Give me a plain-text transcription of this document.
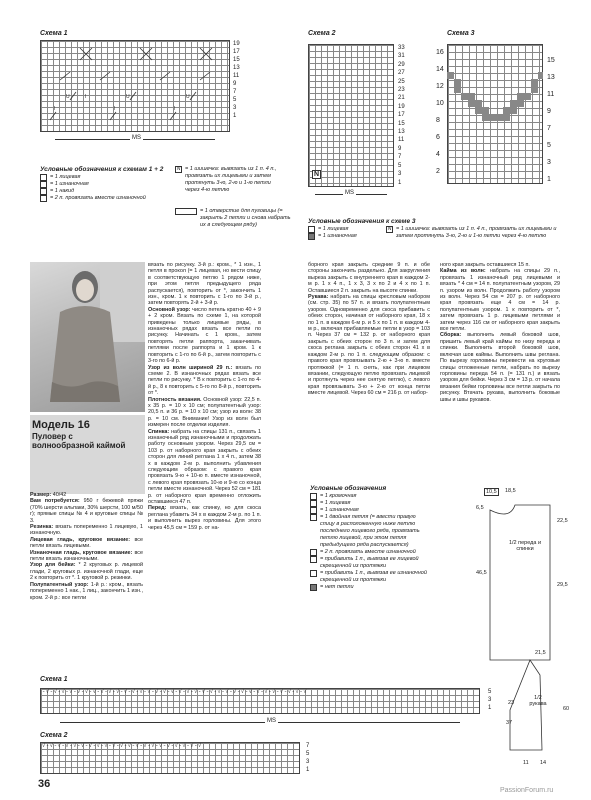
Схема 1
U	I	U	U
I	I	I
19
17
15
13
11
9
7
5
3
1
MS
Схема 2
33
31
29
27
25
23
21
19
17
15
13
11
9
7
5
3
1
N
MS
Схема 3
16
14
12
10
8
6
4
2
15
13
11
9
7
5
3
1
Условные обозначения к схемам 1 + 2
= 1 лицевая
= 1 изнаночная
= 1 накид
= 2 п. провязать вместе изнаночной
N = 1 шишечка: вывязать из 1 п. 4 п., провязать их лицевыми и затем протянуть 3-ю, 2-ю и 1-ю петли через 4-ю петлю
= 1 отверстие для пуговицы (= закрыть 2 петли и снова набрать их в следующем ряду)	Условные обозначения к схеме 3
= 1 лицевая
= 1 изнаночная
N = 1 шишечка: вывязать из 1 п. 4 п., провязать их лицевыми и затем протянуть 3-ю, 2-ю и 1-ю петли через 4-ю петлю
Модель 16
Пуловер с волнообразной каймой

Размер: 40/42

Вам потребуется: 950 г бежевой пряжи (70% шерсти альпаки, 30% шерсти, 100 м/50 г); прямые спицы № 4 и круговые спицы № 3.

Резинка: вязать попеременно 1 лицевую, 1 изнаночную.

Лицевая гладь, круговое вязание: все петли вязать лицевыми.

Изнаночная гладь, круговое вязание: все петли вязать изнаночными.

Узор для бейки: * 2 круговых р. лицевой глади, 2 круговых р. изнаночной глади, еще 2 к повторить от *. 1 круговой р. резинки.

Полупатентный узор: 1-й р.: кром., вязать попеременно 1 нак., 1 лиц., закончить 1 изн., кром. 2-й р.: все петли

вязать по рисунку. 3-й р.: кром., * 1 изн., 1 петля в прокол (= 1 лицевая, но вести спицу в соответствующую петлю 1 рядом ниже, при этом петля предыдущего ряда распускается), повторить от *, закончить 1 изн., кром. 1 к повторить с 1-го по 3-й р., затем повторять 2-й + 3-й р.

Основной узор: число петель кратно 40 + 9 + 2 кром. Вязать по схеме 1, на которой приведены только лицевые ряды, в изнаночных рядах вязать все петли по рисунку. Начинать с 1 кром., затем повторять петли раппорта, заканчивать петлями после раппорта и 1 кром. 1 к повторить с 1-го по 6-й р., затем повторить с 3-го по 6-й р.

Узор из волн шириной 29 п.: вязать по схеме 2. В изнаночных рядах вязать все петли по рисунку. * В к повторить с 1-го по 4-й р., 8 к повторить с 5-го по 8-й р., повторить от *.

Плотность вязания. Основной узор: 22,5 п. x 35 р. = 10 x 10 см; полупатентный узор: 20,5 п. и 36 р. = 10 x 10 см; узор из волн: 38 р. = 10 см. Внимание! Узор из волн был измерен после отделки изделия.

Спинка: набрать на спицы 131 п., связать 1 изнаночный ряд изнаночными и продолжать работу основным узором. Через 29,5 см = 103 р. от наборного края закрыть с обеих сторон для линий реглана 1 x 4 п., затем 38 x в каждом 2-м р. выполнить убавления следующим образом: с правого края провязать 9-ю + 10-ю п. вместе изнаночной, с левого края провязать 10-ю и 9-ю со конца петли вместе изнаночной. Через 52 см = 181 р. от наборного края временно отложить оставшиеся 47 п.

Перед: вязать, как спинку, но для скоса реглана убавить 34 x в каждом 2-м р. по 1 п. и выполнить вырез горловины. Для этого через 45,5 см = 159 р. от на-

борного края закрыть средние 9 п. и обе стороны закончить раздельно. Для закругления выреза закрыть с внутреннего края в каждом 2-м р. 1 x 4 п., 1 x 3, 3 x по 2 и 4 x по 1 п. Оставшиеся 2 п. закрыть на высоте спинки.

Рукава: набрать на спицы кресловым набором (см. стр. 35) по 57 п. и вязать полупатентным узором. Одновременно для скоса прибавить с обеих сторон, начиная от наборного края, 18 x по 1 п. в каждом 6-м р. и 5 x по 1 п. в каждом 4-м р., включая прибавляемые петли в узор = 103 п. Через 37 см = 132 р. от наборного края закрыть с обеих сторон по 3 п. и затем для скоса реглана закрыть с обеих сторон 41 x в каждом 2-м р. по 1 п. следующим образом: с правого края провязывать 2-ю + 3-ю п. вместе протяжкой (= 1 п. снять, как при лицевом вязании, следующую петлю провязать лицевой и протянуть через нее снятую петлю), с левого края провязывать 3-ю + 2-ю от конца петли вместе лицевой. Через 60 см = 216 р. от набор-

ного края закрыть оставшиеся 15 п.

Кайма из волн: набрать на спицы 29 п., провязать 1 изнаночный ряд лицевыми и вязать * 4 см = 14 п. полупатентным узором, 29 п. узором из волн. Продолжить работу узором из волн. Через 54 см = 207 р. от наборного края провязать еще 4 см = 14 р. полупатентным узором. 1 к повторить от *, затем провязать 1 р. лицевыми петлями и затем через 116 см от наборного края закрыть все петли.

Сборка: выполнить левый боковой шов, пришить левый край каймы по низу переда и спинки. Выполнить второй боковой шов, включая шов каймы. Выполнить швы реглана. По вырезу горловины перевести на круговые спицы отложенные петли, набрать по вырезу горловины переда 54 п. (= 131 п.) и вязать узором для бейки. Через 3 см = 13 р. от начала вязания бейки горловины все петли закрыть по рисунку. Втачать рукава, выполнить боковые швы и швы рукавов.

Условные обозначения
= 1 кромочная
= 1 лицевая
= 1 изнаночная
= 1 двойная петля (= ввести правую спицу в расположенную ниже петлю последнего лицевого ряда, провязать петлю лицевой, при этом петля предыдущего ряда распускается)
= 2 п. провязать вместе изнаночной
= прибавить 1 п., вывязав ее лицевой скрещенной из протяжки
= прибавить 1 п., вывязав ее изнаночной скрещенной из протяжки
= нет петли
10,5	18,5
6,5
22,5
46,5
29,5
1/2 переда и спинки
21,5
1/2 рукава
23
60
37
11 14
Схема 1
-√-√-√-√-√-√-√-√-√-√-√-√-√-√-√-√-√-√-√-√-√-√-√-√-√-√-√-√-√-√-√-√-√-√	5
3
1
MS
Схема 2
√-√-√-√-√-√-√-√-√-√-√-√-√-√-√-√-√-√-√-√-√	7
5
3
1
36
PassionForum.ru
